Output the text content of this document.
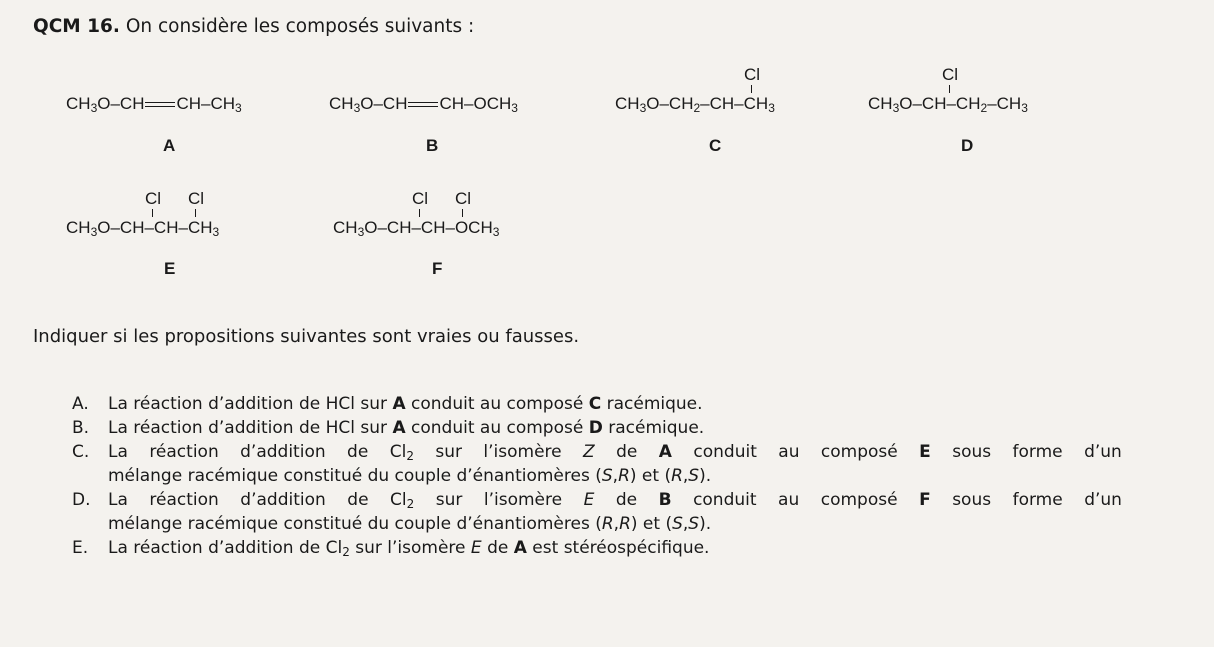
QCM 16. On considère les composés suivants :
$CH_3O-CH$ $CH-CH_3$
A
$CH_3O-CH$ $CH-OCH_3$
B
Cl
$CH_3O-CH_2-CH-CH_3$
C
Cl
$CH_3O-CH-CH_2-CH_3$
D
Cl Cl
$CH_3O-CH-CH-CH_3$
E
Cl Cl
$CH_3O-CH-CH-OCH_3$
F
Indiquer si les propositions suivantes sont vraies ou fausses.
A. La réaction d’addition de HCl sur A conduit au composé C racémique.
B. La réaction d’addition de HCl sur A conduit au composé D racémique.
C. La réaction d’addition de $Cl_2$ sur l’isomère Z de A conduit au composé E sous forme d’un
mélange racémique constitué du couple d’énantiomères (S,R) et (R,S).
D. La réaction d’addition de $Cl_2$ sur l’isomère E de B conduit au composé F sous forme d’un
mélange racémique constitué du couple d’énantiomères (R,R) et (S,S).
E. La réaction d’addition de $Cl_2$ sur l’isomère E de A est stéréospécifique.
